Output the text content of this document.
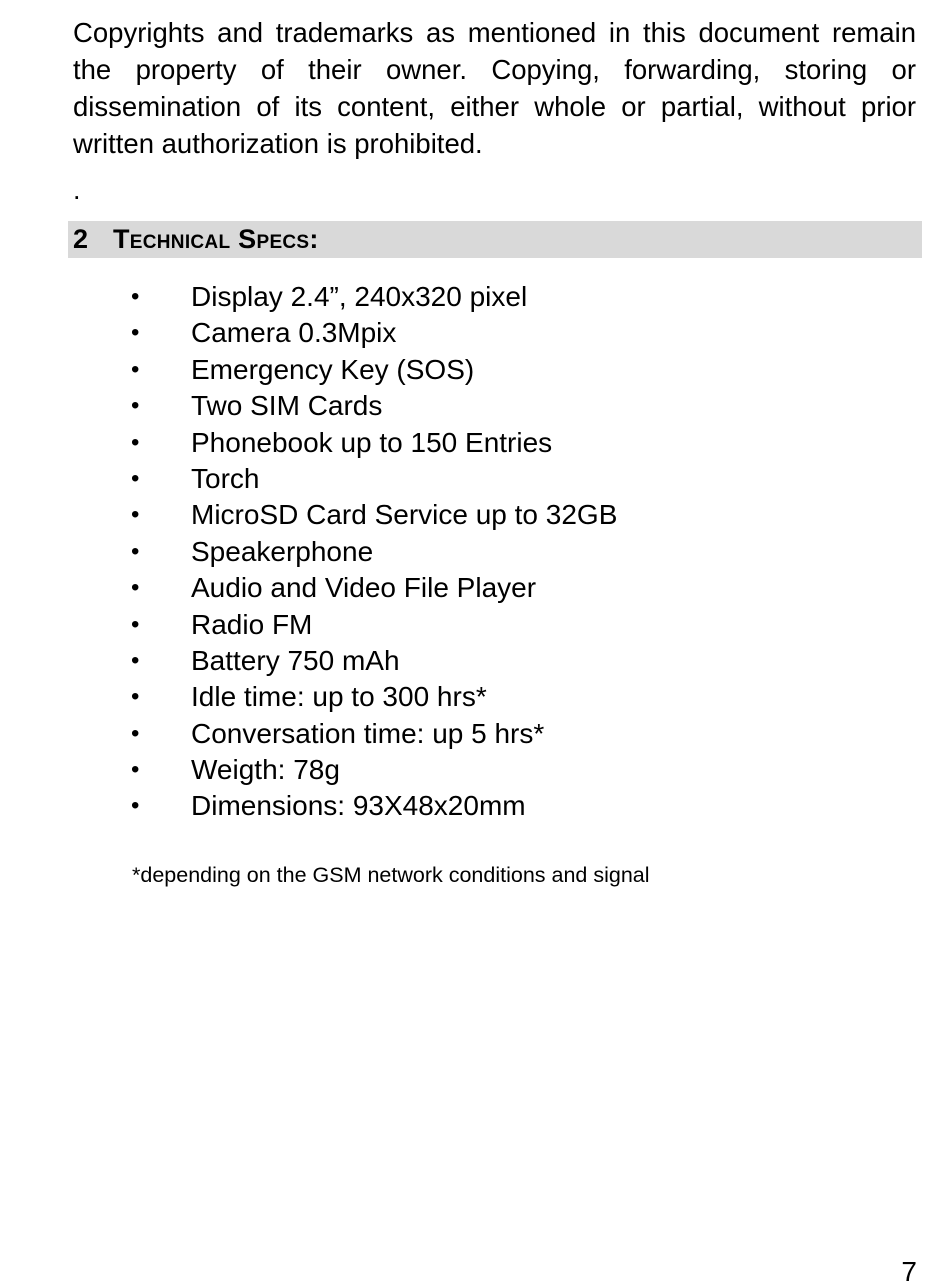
Copyrights and trademarks as mentioned in this document remain the property of their owner. Copying, forwarding, storing or dissemination of its content, either whole or partial, without prior written authorization is prohibited.

.

2 Technical Specs:
• Display 2.4”, 240x320 pixel
• Camera 0.3Mpix
• Emergency Key (SOS)
• Two SIM Cards
• Phonebook up to 150 Entries
• Torch
• MicroSD Card Service up to 32GB
• Speakerphone
• Audio and Video File Player
• Radio FM
• Battery 750 mAh
• Idle time: up to 300 hrs*
• Conversation time: up 5 hrs*
• Weigth: 78g
• Dimensions: 93X48x20mm

*depending on the GSM network conditions and signal

7
